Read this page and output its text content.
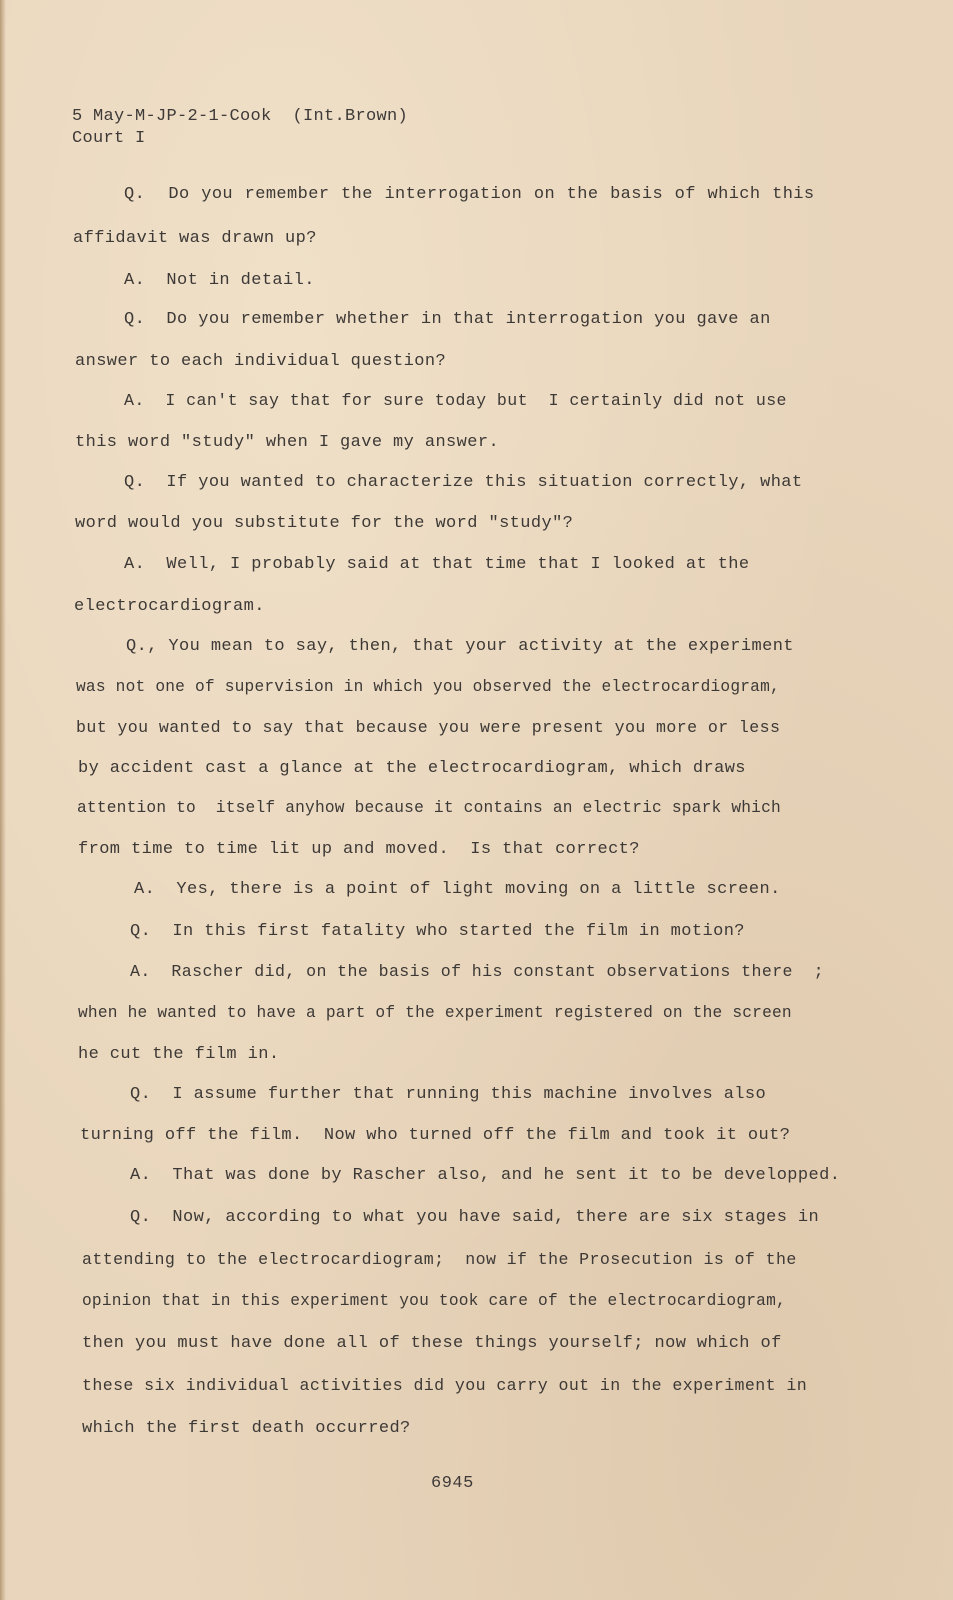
5 May-M-JP-2-1-Cook  (Int.Brown)
Court I
Q.  Do you remember the interrogation on the basis of which this
affidavit was drawn up?
A.  Not in detail.
Q.  Do you remember whether in that interrogation you gave an
answer to each individual question?
A.  I can't say that for sure today but  I certainly did not use
this word "study" when I gave my answer.
Q.  If you wanted to characterize this situation correctly, what
word would you substitute for the word "study"?
A.  Well, I probably said at that time that I looked at the
electrocardiogram.
Q., You mean to say, then, that your activity at the experiment
was not one of supervision in which you observed the electrocardiogram,
but you wanted to say that because you were present you more or less
by accident cast a glance at the electrocardiogram, which draws
attention to  itself anyhow because it contains an electric spark which
from time to time lit up and moved.  Is that correct?
A.  Yes, there is a point of light moving on a little screen.
Q.  In this first fatality who started the film in motion?
A.  Rascher did, on the basis of his constant observations there  ;
when he wanted to have a part of the experiment registered on the screen
he cut the film in.
Q.  I assume further that running this machine involves also
turning off the film.  Now who turned off the film and took it out?
A.  That was done by Rascher also, and he sent it to be developped.
Q.  Now, according to what you have said, there are six stages in
attending to the electrocardiogram;  now if the Prosecution is of the
opinion that in this experiment you took care of the electrocardiogram,
then you must have done all of these things yourself; now which of
these six individual activities did you carry out in the experiment in
which the first death occurred?
6945
